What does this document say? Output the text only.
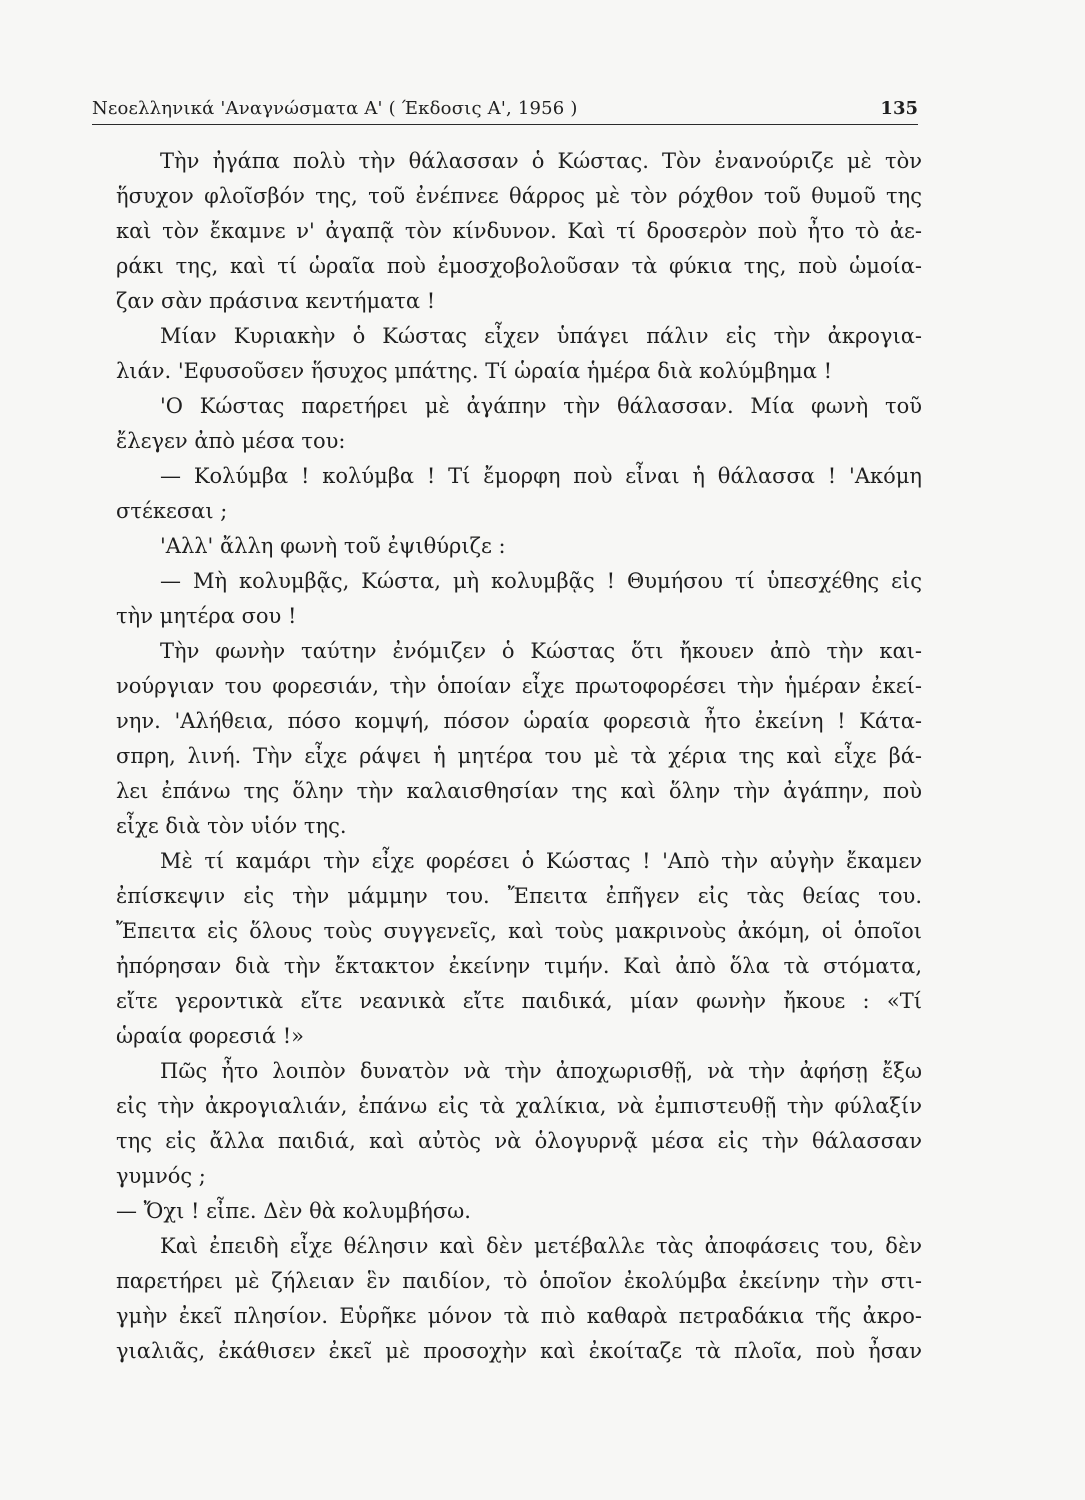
Νεοελληνικά 'Αναγνώσματα Α' ( Έκδοσις Α', 1956 )	135
Τὴν ἠγάπα πολὺ τὴν θάλασσαν ὁ Κώστας. Τὸν ἐνανούριζε μὲ τὸν
ἥσυχον φλοῖσβόν της, τοῦ ἐνέπνεε θάρρος μὲ τὸν ρόχθον τοῦ θυμοῦ της
καὶ τὸν ἔκαμνε ν' ἀγαπᾷ τὸν κίνδυνον. Καὶ τί δροσερὸν ποὺ ἦτο τὸ ἀε-
ράκι της, καὶ τί ὡραῖα ποὺ ἐμοσχοβολοῦσαν τὰ φύκια της, ποὺ ὡμοία-
ζαν σὰν πράσινα κεντήματα !
Μίαν Κυριακὴν ὁ Κώστας εἶχεν ὑπάγει πάλιν εἰς τὴν ἀκρογια-
λιάν. 'Εφυσοῦσεν ἥσυχος μπάτης. Τί ὡραία ἡμέρα διὰ κολύμβημα !
'Ο Κώστας παρετήρει μὲ ἀγάπην τὴν θάλασσαν. Μία φωνὴ τοῦ
ἔλεγεν ἀπὸ μέσα του:
— Κολύμβα ! κολύμβα ! Τί ἔμορφη ποὺ εἶναι ἡ θάλασσα ! 'Ακόμη
στέκεσαι ;
'Αλλ' ἄλλη φωνὴ τοῦ ἐψιθύριζε :
— Μὴ κολυμβᾷς, Κώστα, μὴ κολυμβᾷς ! Θυμήσου τί ὑπεσχέθης εἰς
τὴν μητέρα σου !
Τὴν φωνὴν ταύτην ἐνόμιζεν ὁ Κώστας ὅτι ἤκουεν ἀπὸ τὴν και-
νούργιαν του φορεσιάν, τὴν ὁποίαν εἶχε πρωτοφορέσει τὴν ἡμέραν ἐκεί-
νην. 'Αλήθεια, πόσο κομψή, πόσον ὡραία φορεσιὰ ἦτο ἐκείνη ! Κάτα-
σπρη, λινή. Τὴν εἶχε ράψει ἡ μητέρα του μὲ τὰ χέρια της καὶ εἶχε βά-
λει ἐπάνω της ὅλην τὴν καλαισθησίαν της καὶ ὅλην τὴν ἀγάπην, ποὺ
εἶχε διὰ τὸν υἱόν της.
Μὲ τί καμάρι τὴν εἶχε φορέσει ὁ Κώστας ! 'Απὸ τὴν αὐγὴν ἔκαμεν
ἐπίσκεψιν εἰς τὴν μάμμην του. Ἔπειτα ἐπῆγεν εἰς τὰς θείας του.
Ἔπειτα εἰς ὅλους τοὺς συγγενεῖς, καὶ τοὺς μακρινοὺς ἀκόμη, οἱ ὁποῖοι
ἠπόρησαν διὰ τὴν ἔκτακτον ἐκείνην τιμήν. Καὶ ἀπὸ ὅλα τὰ στόματα,
εἴτε γεροντικὰ εἴτε νεανικὰ εἴτε παιδικά, μίαν φωνὴν ἤκουε : «Τί
ὡραία φορεσιά !»
Πῶς ἦτο λοιπὸν δυνατὸν νὰ τὴν ἀποχωρισθῇ, νὰ τὴν ἀφήσῃ ἔξω
εἰς τὴν ἀκρογιαλιάν, ἐπάνω εἰς τὰ χαλίκια, νὰ ἐμπιστευθῇ τὴν φύλαξίν
της εἰς ἄλλα παιδιά, καὶ αὐτὸς νὰ ὁλογυρνᾷ μέσα εἰς τὴν θάλασσαν
γυμνός ;
— Ὄχι ! εἶπε. Δὲν θὰ κολυμβήσω.
Καὶ ἐπειδὴ εἶχε θέλησιν καὶ δὲν μετέβαλλε τὰς ἀποφάσεις του, δὲν
παρετήρει μὲ ζήλειαν ἓν παιδίον, τὸ ὁποῖον ἐκολύμβα ἐκείνην τὴν στι-
γμὴν ἐκεῖ πλησίον. Εὑρῆκε μόνον τὰ πιὸ καθαρὰ πετραδάκια τῆς ἀκρο-
γιαλιᾶς, ἐκάθισεν ἐκεῖ μὲ προσοχὴν καὶ ἐκοίταζε τὰ πλοῖα, ποὺ ἦσαν
